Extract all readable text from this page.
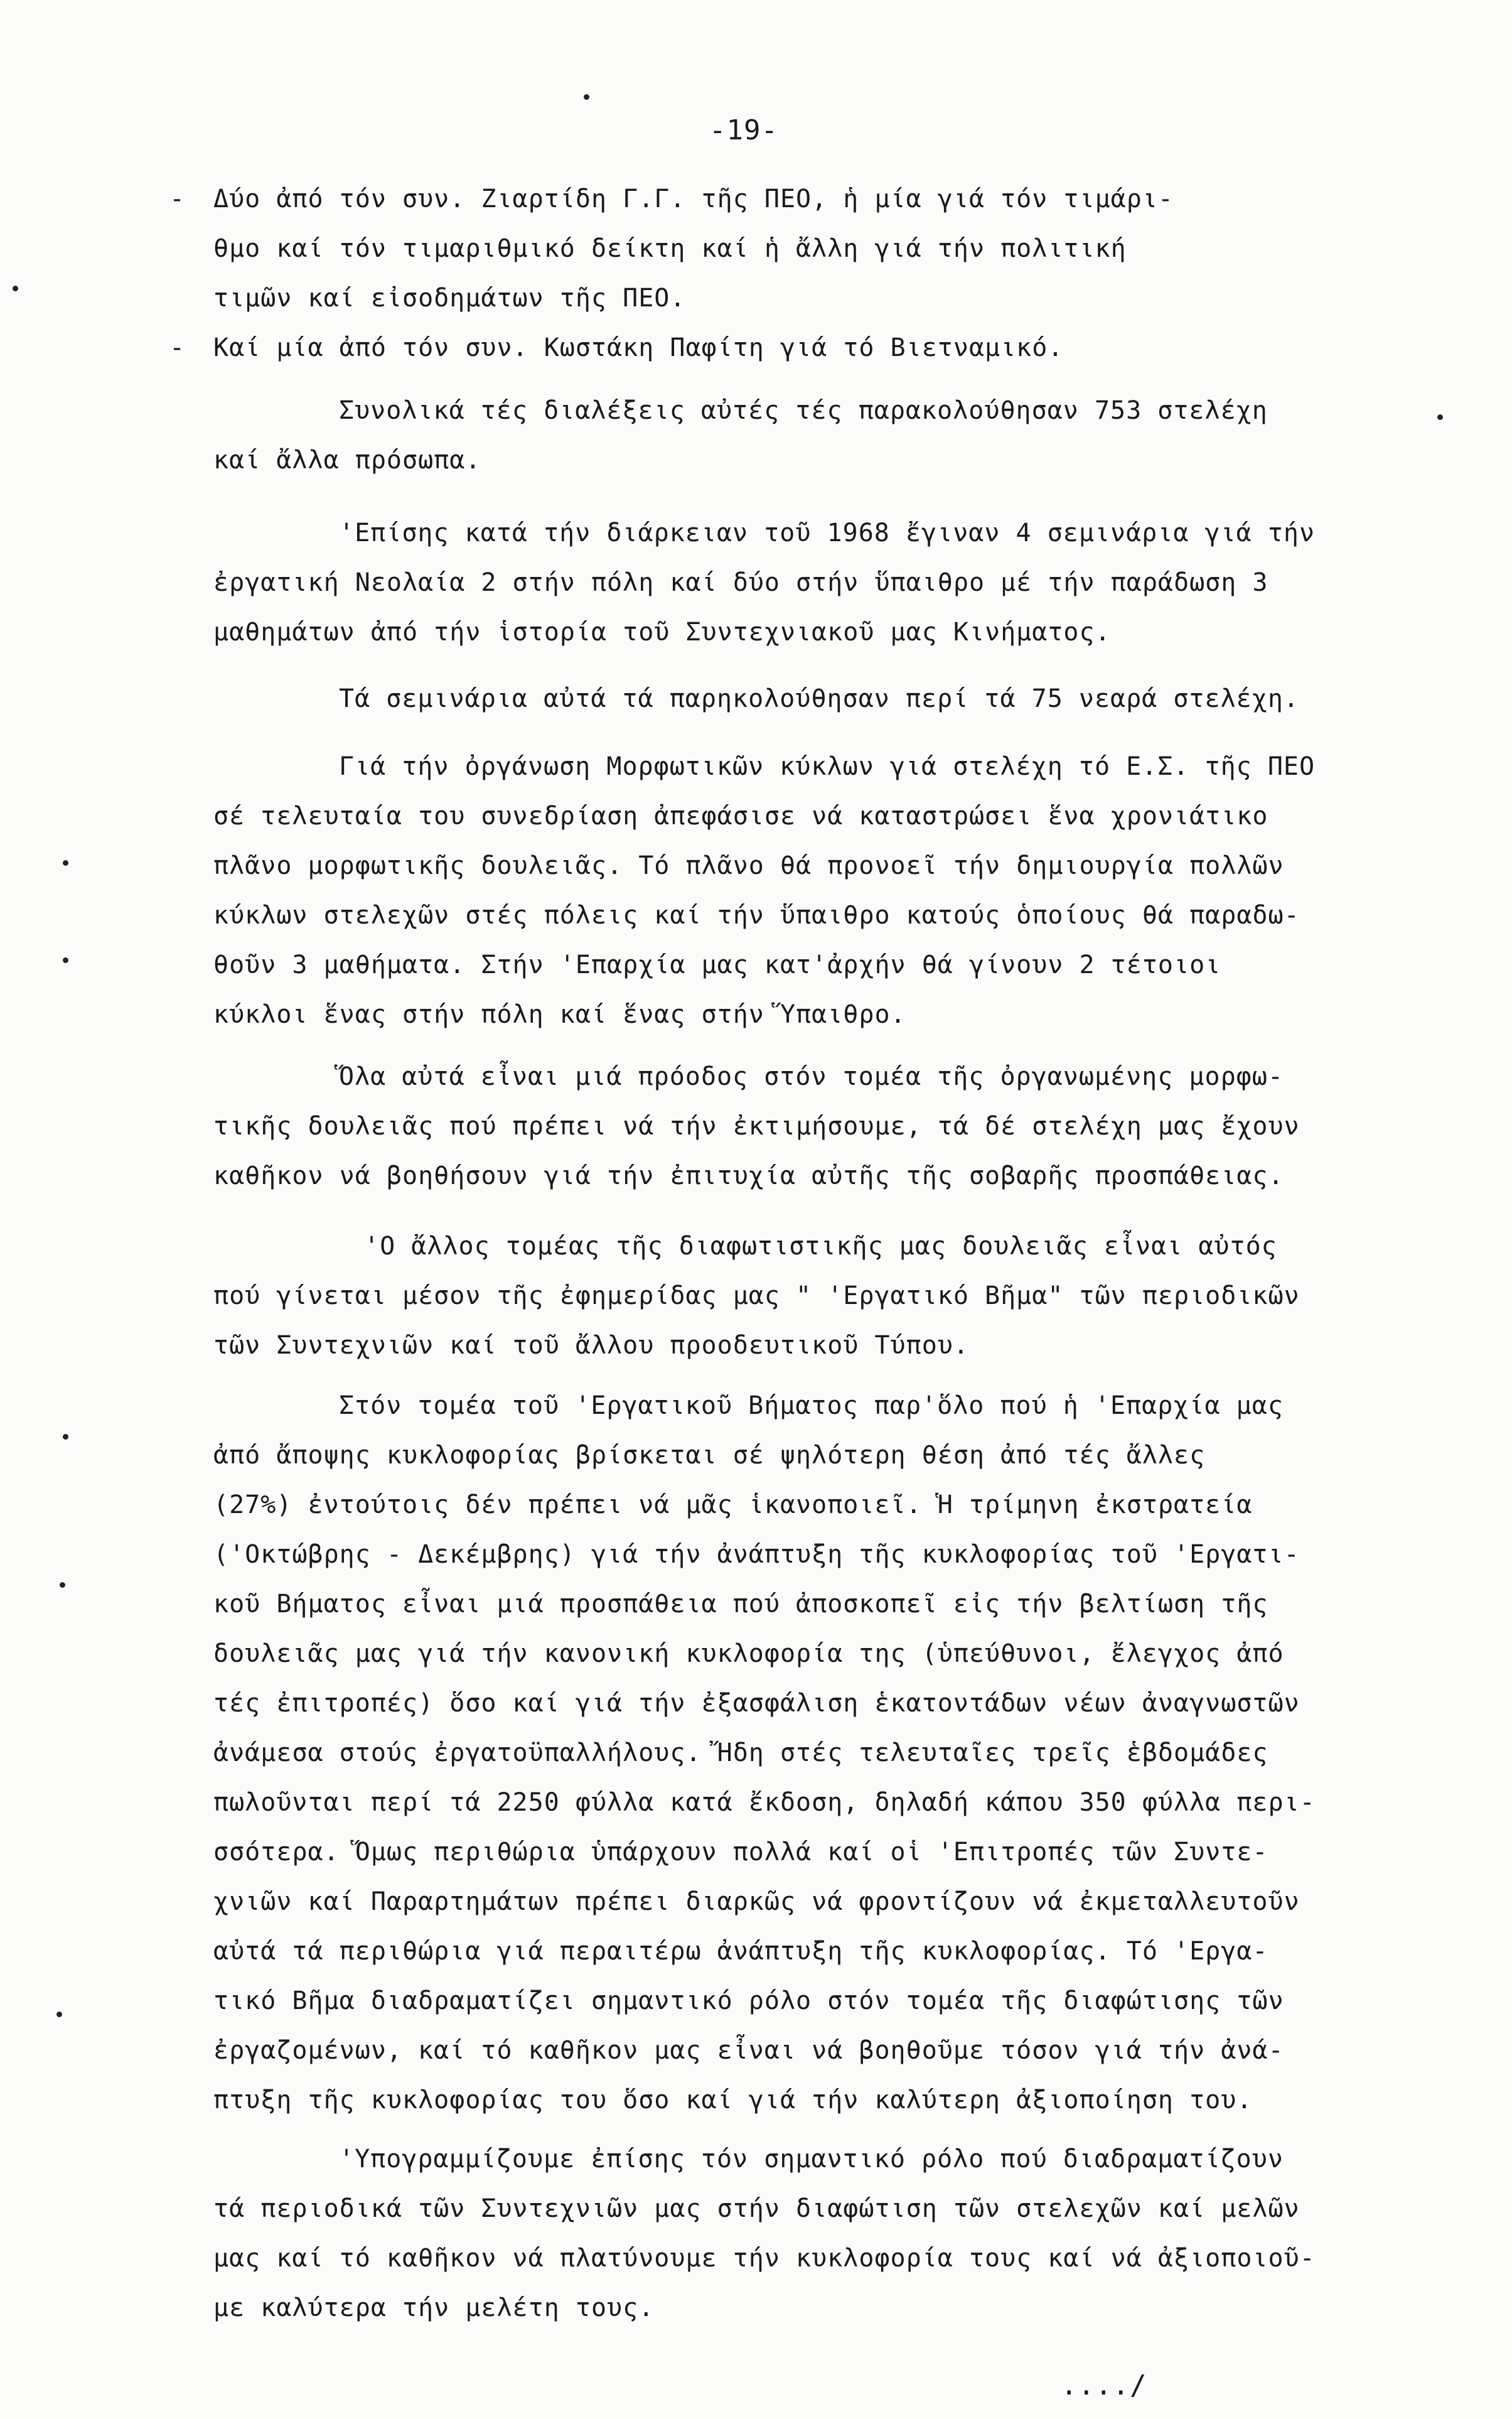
-19-
- Δύο ἀπό τόν συν. Ζιαρτίδη Γ.Γ. τῆς ΠΕΟ, ἡ μία γιά τόν τιμάρι-
θμο καί τόν τιμαριθμικό δείκτη καί ἡ ἄλλη γιά τήν πολιτική
τιμῶν καί εἰσοδημάτων τῆς ΠΕΟ.
- Καί μία ἀπό τόν συν. Κωστάκη Παφίτη γιά τό Βιετναμικό.
Συνολικά τές διαλέξεις αὐτές τές παρακολούθησαν 753 στελέχη
καί ἄλλα πρόσωπα.
'Επίσης κατά τήν διάρκειαν τοῦ 1968 ἔγιναν 4 σεμινάρια γιά τήν
ἐργατική Νεολαία 2 στήν πόλη καί δύο στήν ὕπαιθρο μέ τήν παράδωση 3
μαθημάτων ἀπό τήν ἱστορία τοῦ Συντεχνιακοῦ μας Κινήματος.
Τά σεμινάρια αὐτά τά παρηκολούθησαν περί τά 75 νεαρά στελέχη.
Γιά τήν ὀργάνωση Μορφωτικῶν κύκλων γιά στελέχη τό Ε.Σ. τῆς ΠΕΟ
σέ τελευταία του συνεδρίαση ἀπεφάσισε νά καταστρώσει ἕνα χρονιάτικο
πλᾶνο μορφωτικῆς δουλειᾶς. Τό πλᾶνο θά προνοεῖ τήν δημιουργία πολλῶν
κύκλων στελεχῶν στές πόλεις καί τήν ὕπαιθρο κατούς ὁποίους θά παραδω-
θοῦν 3 μαθήματα. Στήν 'Επαρχία μας κατ'ἀρχήν θά γίνουν 2 τέτοιοι
κύκλοι ἕνας στήν πόλη καί ἕνας στήν Ὕπαιθρο.
Ὅλα αὐτά εἶναι μιά πρόοδος στόν τομέα τῆς ὀργανωμένης μορφω-
τικῆς δουλειᾶς πού πρέπει νά τήν ἐκτιμήσουμε, τά δέ στελέχη μας ἔχουν
καθῆκον νά βοηθήσουν γιά τήν ἐπιτυχία αὐτῆς τῆς σοβαρῆς προσπάθειας.
'Ο ἄλλος τομέας τῆς διαφωτιστικῆς μας δουλειᾶς εἶναι αὐτός
πού γίνεται μέσον τῆς ἐφημερίδας μας " 'Εργατικό Βῆμα" τῶν περιοδικῶν
τῶν Συντεχνιῶν καί τοῦ ἄλλου προοδευτικοῦ Τύπου.
Στόν τομέα τοῦ 'Εργατικοῦ Βήματος παρ'ὅλο πού ἡ 'Επαρχία μας
ἀπό ἄποψης κυκλοφορίας βρίσκεται σέ ψηλότερη θέση ἀπό τές ἄλλες
(27%) ἐντούτοις δέν πρέπει νά μᾶς ἱκανοποιεῖ. Ἡ τρίμηνη ἐκστρατεία
('Οκτώβρης - Δεκέμβρης) γιά τήν ἀνάπτυξη τῆς κυκλοφορίας τοῦ 'Εργατι-
κοῦ Βήματος εἶναι μιά προσπάθεια πού ἀποσκοπεῖ εἰς τήν βελτίωση τῆς
δουλειᾶς μας γιά τήν κανονική κυκλοφορία της (ὑπεύθυνοι, ἔλεγχος ἀπό
τές ἐπιτροπές) ὅσο καί γιά τήν ἐξασφάλιση ἑκατοντάδων νέων ἀναγνωστῶν
ἀνάμεσα στούς ἐργατοϋπαλλήλους. Ἤδη στές τελευταῖες τρεῖς ἑβδομάδες
πωλοῦνται περί τά 2250 φύλλα κατά ἔκδοση, δηλαδή κάπου 350 φύλλα περι-
σσότερα. Ὅμως περιθώρια ὑπάρχουν πολλά καί οἱ 'Επιτροπές τῶν Συντε-
χνιῶν καί Παραρτημάτων πρέπει διαρκῶς νά φροντίζουν νά ἐκμεταλλευτοῦν
αὐτά τά περιθώρια γιά περαιτέρω ἀνάπτυξη τῆς κυκλοφορίας. Τό 'Εργα-
τικό Βῆμα διαδραματίζει σημαντικό ρόλο στόν τομέα τῆς διαφώτισης τῶν
ἐργαζομένων, καί τό καθῆκον μας εἶναι νά βοηθοῦμε τόσον γιά τήν ἀνά-
πτυξη τῆς κυκλοφορίας του ὅσο καί γιά τήν καλύτερη ἀξιοποίηση του.
'Υπογραμμίζουμε ἐπίσης τόν σημαντικό ρόλο πού διαδραματίζουν
τά περιοδικά τῶν Συντεχνιῶν μας στήν διαφώτιση τῶν στελεχῶν καί μελῶν
μας καί τό καθῆκον νά πλατύνουμε τήν κυκλοφορία τους καί νά ἀξιοποιοῦ-
με καλύτερα τήν μελέτη τους.
..../
